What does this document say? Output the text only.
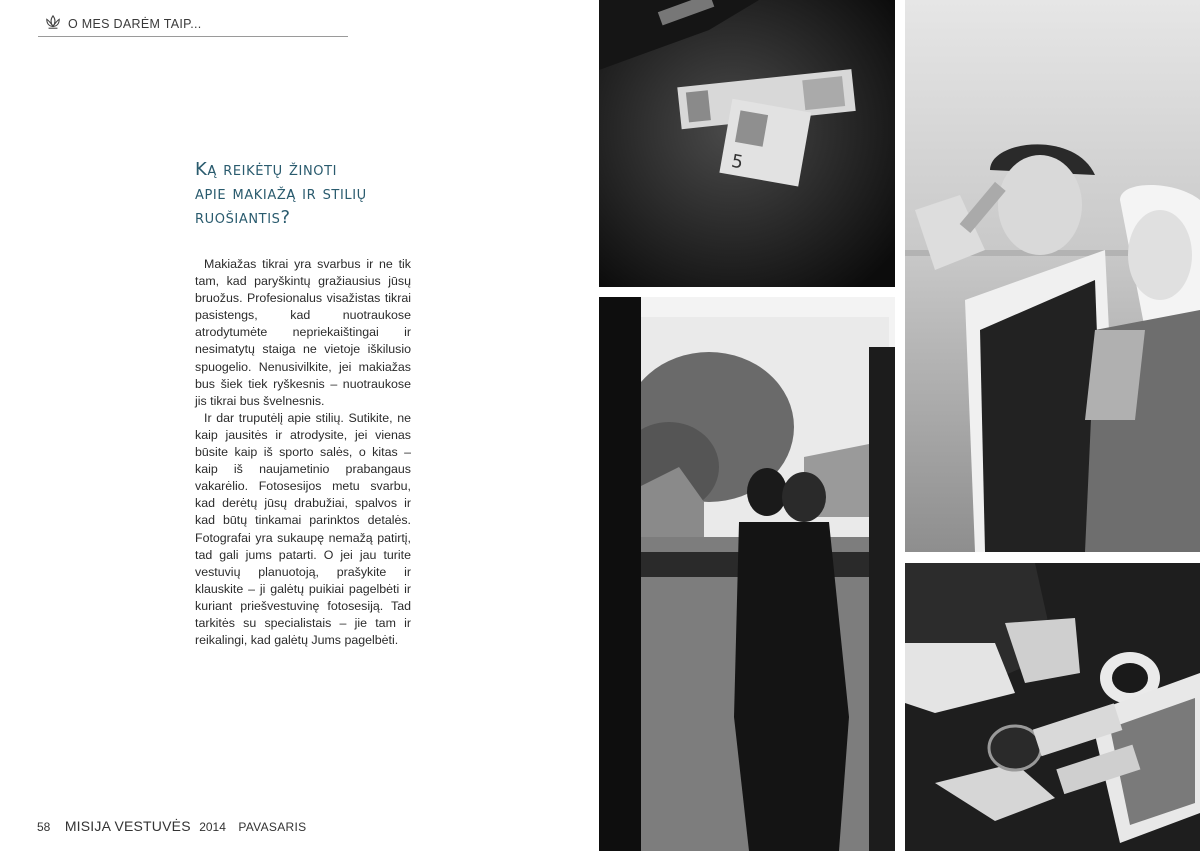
O MES DARĖM TAIP...
Ką reikėtų žinoti
apie makiažą ir stilių
ruošiantis?

Makiažas tikrai yra svarbus ir ne tik tam, kad paryškintų gražiausius jūsų bruožus. Profesionalus visažistas tikrai pasistengs, kad nuotraukose atrodytumėte nepriekaištingai ir nesimatytų staiga ne vietoje iškilusio spuogelio. Nenusivilkite, jei makiažas bus šiek tiek ryškesnis – nuotraukose jis tikrai bus švelnesnis.

Ir dar truputėlį apie stilių. Sutikite, ne kaip jausitės ir atrodysite, jei vienas būsite kaip iš sporto salės, o kitas – kaip iš naujametinio prabangaus vakarėlio. Fotosesijos metu svarbu, kad derėtų jūsų drabužiai, spalvos ir kad būtų tinkamai parinktos detalės. Fotografai yra sukaupę nemažą patirtį, tad gali jums patarti. O jei jau turite vestuvių planuotoją, prašykite ir klauskite – ji galėtų puikiai pagelbėti ir kuriant priešvestuvinę fotosesiją. Tad tarkitės su specialistais – jie tam ir reikalingi, kad galėtų Jums pagelbėti.

58 MISIJA VESTUVĖS 2014 PAVASARIS
5
